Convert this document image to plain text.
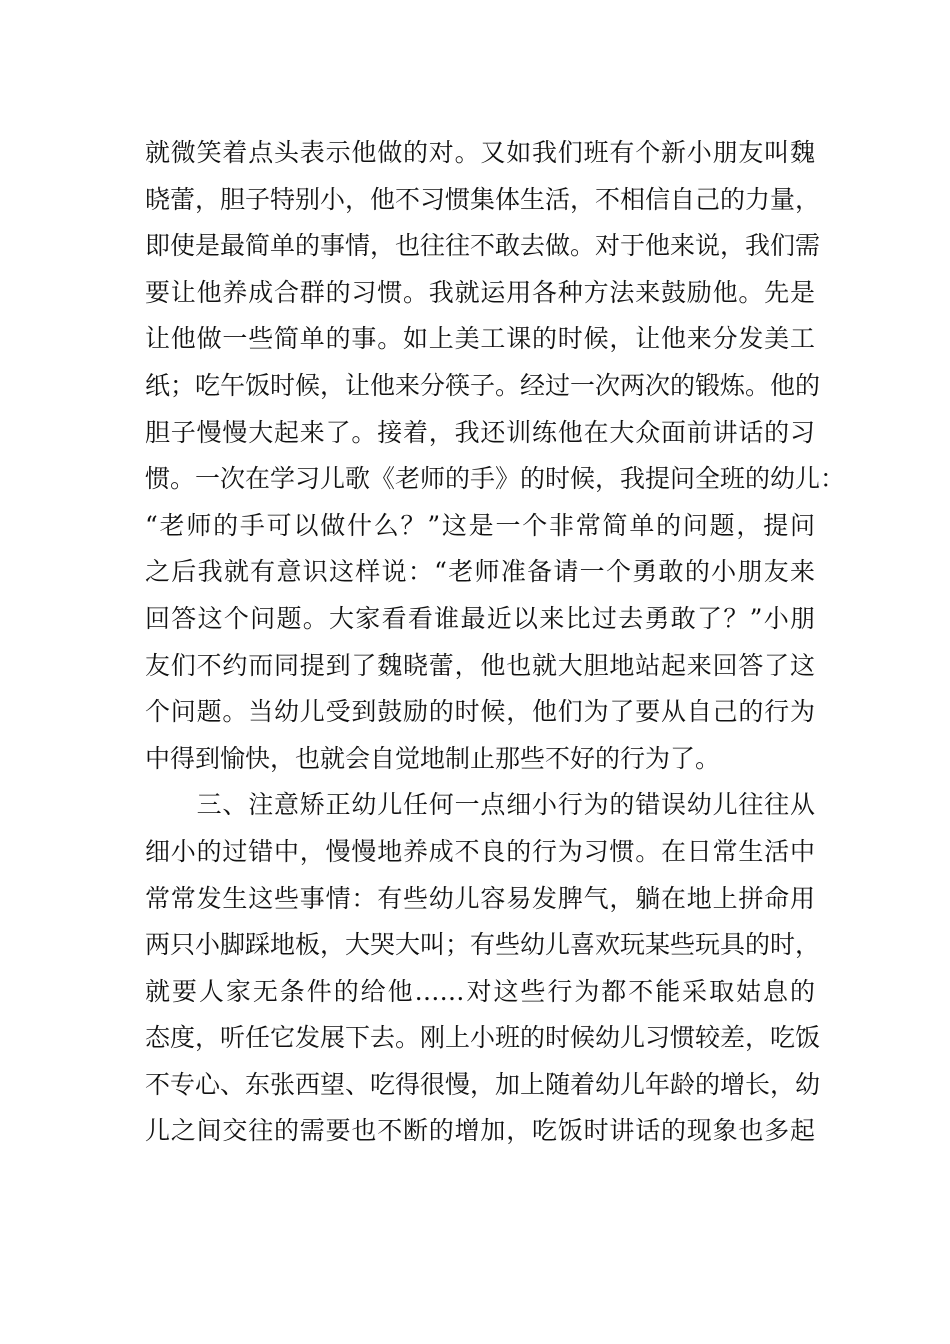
就微笑着点头表示他做的对。又如我们班有个新小朋友叫魏
晓蕾，胆子特别小，他不习惯集体生活，不相信自己的力量，
即使是最简单的事情，也往往不敢去做。对于他来说，我们需
要让他养成合群的习惯。我就运用各种方法来鼓励他。先是
让他做一些简单的事。如上美工课的时候，让他来分发美工
纸；吃午饭时候，让他来分筷子。经过一次两次的锻炼。他的
胆子慢慢大起来了。接着，我还训练他在大众面前讲话的习
惯。一次在学习儿歌《老师的手》的时候，我提问全班的幼儿：
“老师的手可以做什么？”这是一个非常简单的问题，提问
之后我就有意识这样说：“老师准备请一个勇敢的小朋友来
回答这个问题。大家看看谁最近以来比过去勇敢了？”小朋
友们不约而同提到了魏晓蕾，他也就大胆地站起来回答了这
个问题。当幼儿受到鼓励的时候，他们为了要从自己的行为
中得到愉快，也就会自觉地制止那些不好的行为了。
　　三、注意矫正幼儿任何一点细小行为的错误幼儿往往从
细小的过错中，慢慢地养成不良的行为习惯。在日常生活中
常常发生这些事情：有些幼儿容易发脾气，躺在地上拼命用
两只小脚踩地板，大哭大叫；有些幼儿喜欢玩某些玩具的时，
就要人家无条件的给他……对这些行为都不能采取姑息的
态度，听任它发展下去。刚上小班的时候幼儿习惯较差，吃饭
不专心、东张西望、吃得很慢，加上随着幼儿年龄的增长，幼
儿之间交往的需要也不断的增加，吃饭时讲话的现象也多起
